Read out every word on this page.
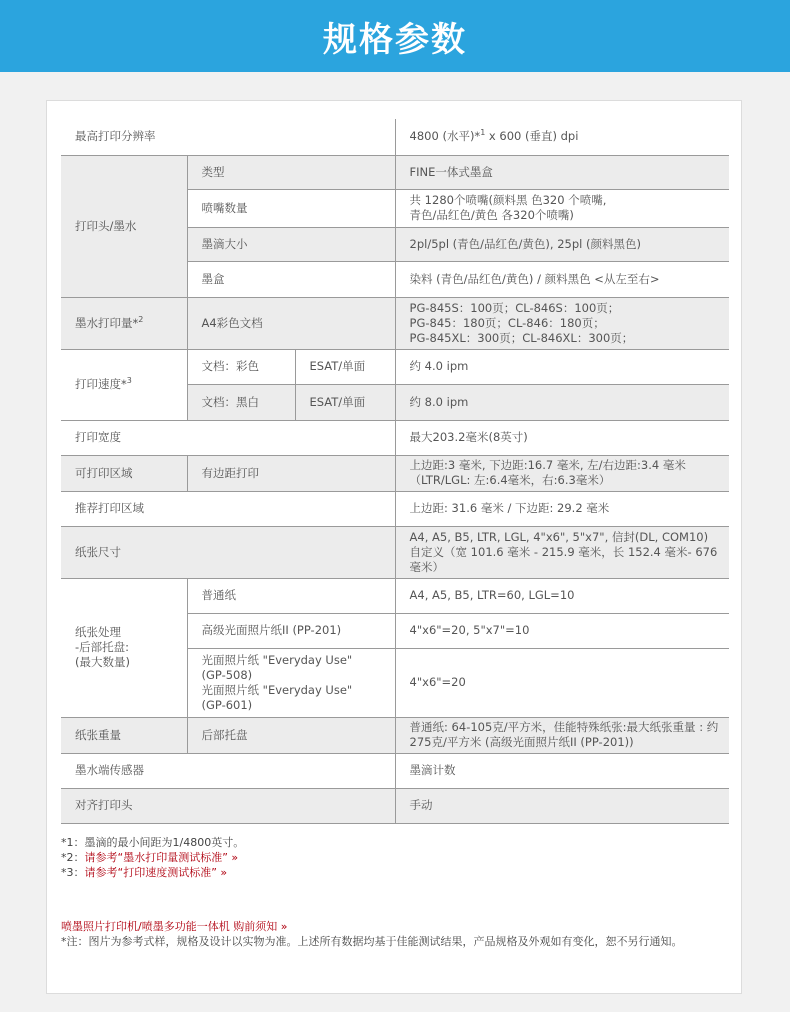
规格参数
最高打印分辨率			4800 (水平)*$^1$ x 600 (垂直) dpi
打印头/墨水	类型		FINE一体式墨盒
	喷嘴数量		共 1280个喷嘴(颜料黑 色320 个喷嘴,
青色/品红色/黄色 各320个喷嘴)

	墨滴大小		2pl/5pl (青色/品红色/黄色), 25pl (颜料黑色)
	墨盒		染料 (青色/品红色/黄色) / 颜料黑色 <从左至右>
墨水打印量*$^2$	A4彩色文档		PG-845S：100页；CL-846S：100页；
PG-845：180页；CL-846：180页；
PG-845XL：300页；CL-846XL：300页；

打印速度*$^3$	文档：彩色	ESAT/单面	约 4.0 ipm
	文档：黑白	ESAT/单面	约 8.0 ipm
打印宽度			最大203.2毫米(8英寸)
可打印区域	有边距打印		上边距:3 毫米, 下边距:16.7 毫米, 左/右边距:3.4 毫米
（LTR/LGL: 左:6.4毫米，右:6.3毫米）

推荐打印区域			上边距: 31.6 毫米 / 下边距: 29.2 毫米
纸张尺寸			A4, A5, B5, LTR, LGL, 4"x6", 5"x7", 信封(DL, COM10)
自定义（宽 101.6 毫米 - 215.9 毫米，长 152.4 毫米- 676
毫米）

纸张处理
-后部托盘:
(最大数量)	普通纸		A4, A5, B5, LTR=60, LGL=10
	高级光面照片纸II (PP-201)		4"x6"=20, 5"x7"=10

	光面照片纸 "Everyday Use"
(GP-508)
光面照片纸 "Everyday Use"
(GP-601)		4"x6"=20
纸张重量	后部托盘		普通纸: 64-105克/平方米，佳能特殊纸张:最大纸张重量 : 约
275克/平方米 (高级光面照片纸II (PP-201))

墨水端传感器			墨滴计数
对齐打印头			手动
*1：墨滴的最小间距为1/4800英寸。
*2：请参考“墨水打印量测试标准” »
*3：请参考“打印速度测试标准” »
喷墨照片打印机/喷墨多功能一体机 购前须知 »
*注：图片为参考式样，规格及设计以实物为准。上述所有数据均基于佳能测试结果，产品规格及外观如有变化，恕不另行通知。
